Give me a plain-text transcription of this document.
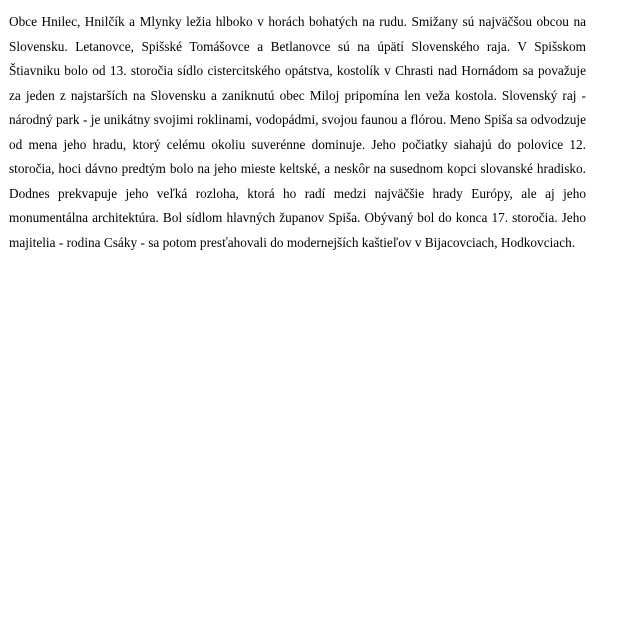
Obce Hnilec, Hnilčík a Mlynky ležia hlboko v horách bohatých na rudu. Smižany sú najväčšou obcou na Slovensku. Letanovce, Spišské Tomášovce a Betlanovce sú na úpätí Slovenského raja. V Spišskom Štiavniku bolo od 13. storočia sídlo cistercitského opátstva, kostolík v Chrasti nad Hornádom sa považuje za jeden z najstarších na Slovensku a zaniknutú obec Miloj pripomína len veža kostola. Slovenský raj - národný park - je unikátny svojimi roklinami, vodopádmi, svojou faunou a flórou. Meno Spiša sa odvodzuje od mena jeho hradu, ktorý celému okoliu suverénne dominuje. Jeho počiatky siahajú do polovice 12. storočia, hoci dávno predtým bolo na jeho mieste keltské, a neskôr na susednom kopci slovanské hradisko. Dodnes prekvapuje jeho veľká rozloha, ktorá ho radí medzi najväčšie hrady Európy, ale aj jeho monumentálna architektúra. Bol sídlom hlavných županov Spiša. Obývaný bol do konca 17. storočia. Jeho majitelia - rodina Csáky - sa potom presťahovali do modernejších kaštieľov v Bijacovciach, Hodkovciach.
